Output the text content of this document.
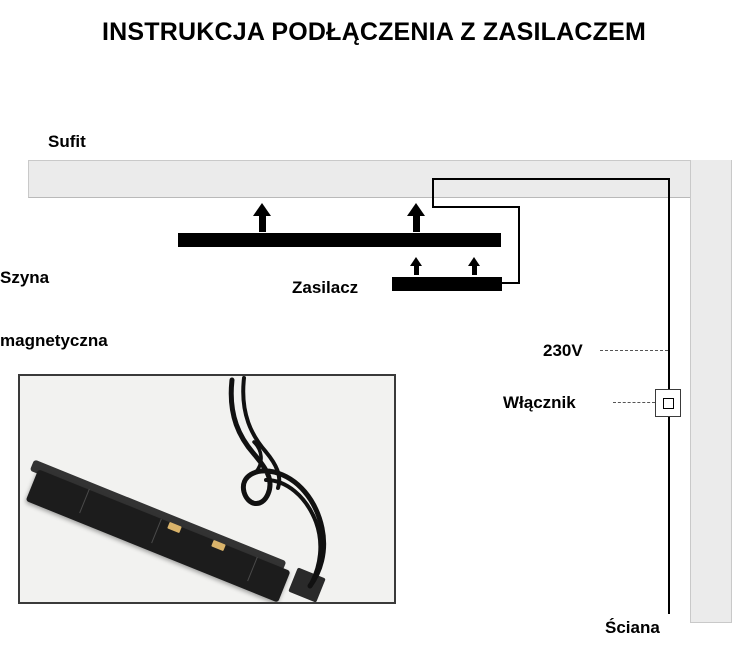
INSTRUKCJA PODŁĄCZENIA Z ZASILACZEM
Sufit

Szyna

magnetyczna

Zasilacz
230V
Włącznik
Ściana
